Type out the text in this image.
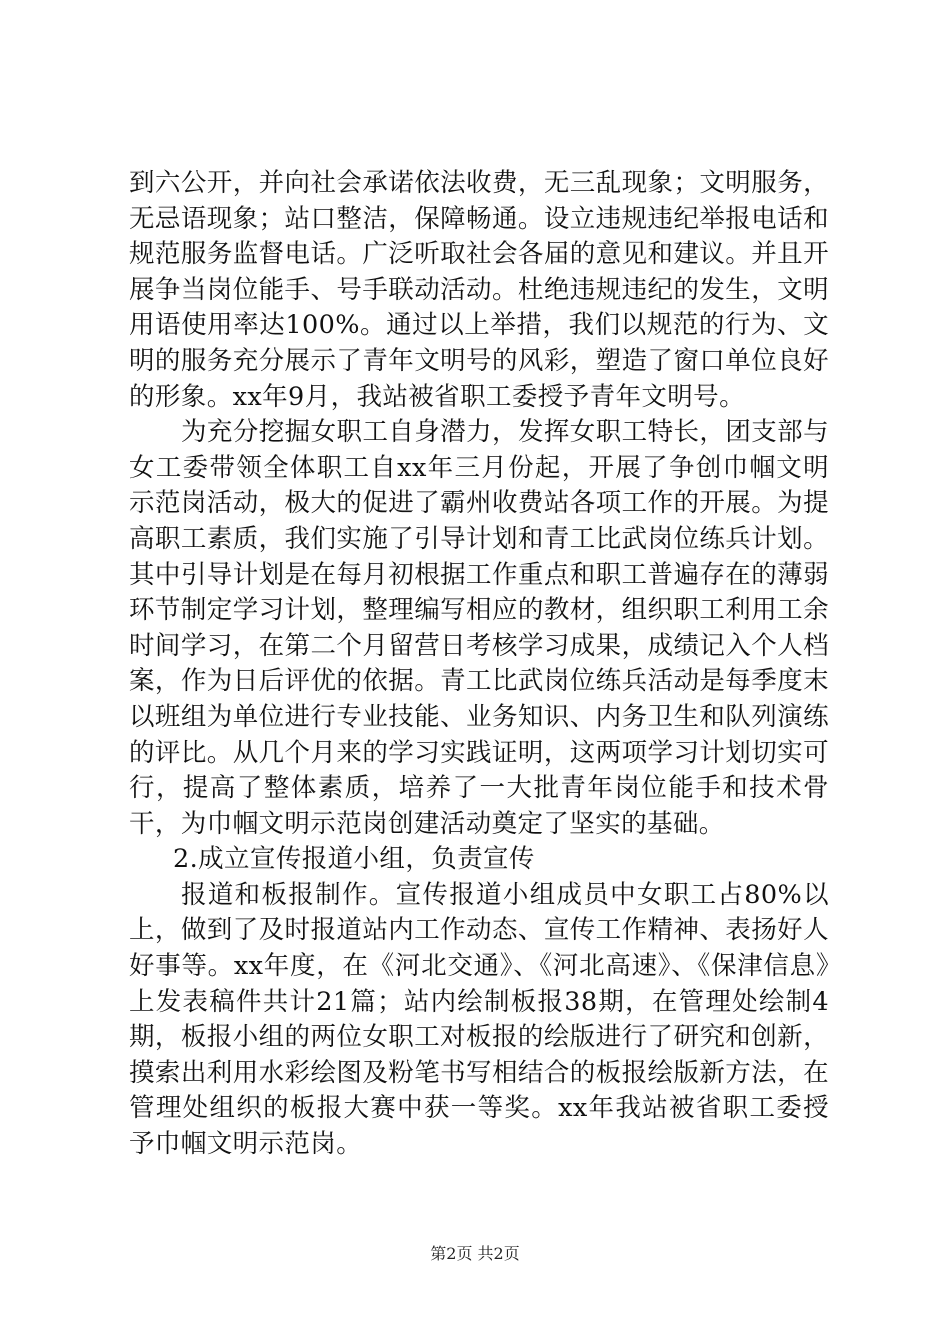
到六公开，并向社会承诺依法收费，无三乱现象；文明服务，无忌语现象；站口整洁，保障畅通。设立违规违纪举报电话和规范服务监督电话。广泛听取社会各届的意见和建议。并且开展争当岗位能手、号手联动活动。杜绝违规违纪的发生，文明用语使用率达100%。通过以上举措，我们以规范的行为、文明的服务充分展示了青年文明号的风彩，塑造了窗口单位良好的形象。xx年9月，我站被省职工委授予青年文明号。

为充分挖掘女职工自身潜力，发挥女职工特长，团支部与女工委带领全体职工自xx年三月份起，开展了争创巾帼文明示范岗活动，极大的促进了霸州收费站各项工作的开展。为提高职工素质，我们实施了引导计划和青工比武岗位练兵计划。其中引导计划是在每月初根据工作重点和职工普遍存在的薄弱环节制定学习计划，整理编写相应的教材，组织职工利用工余时间学习，在第二个月留营日考核学习成果，成绩记入个人档案，作为日后评优的依据。青工比武岗位练兵活动是每季度末以班组为单位进行专业技能、业务知识、内务卫生和队列演练的评比。从几个月来的学习实践证明，这两项学习计划切实可行，提高了整体素质，培养了一大批青年岗位能手和技术骨干，为巾帼文明示范岗创建活动奠定了坚实的基础。

2.成立宣传报道小组，负责宣传

报道和板报制作。宣传报道小组成员中女职工占80%以上，做到了及时报道站内工作动态、宣传工作精神、表扬好人好事等。xx年度，在《河北交通》、《河北高速》、《保津信息》上发表稿件共计21篇；站内绘制板报38期，在管理处绘制4期，板报小组的两位女职工对板报的绘版进行了研究和创新，摸索出利用水彩绘图及粉笔书写相结合的板报绘版新方法，在管理处组织的板报大赛中获一等奖。xx年我站被省职工委授予巾帼文明示范岗。

第2页 共2页
